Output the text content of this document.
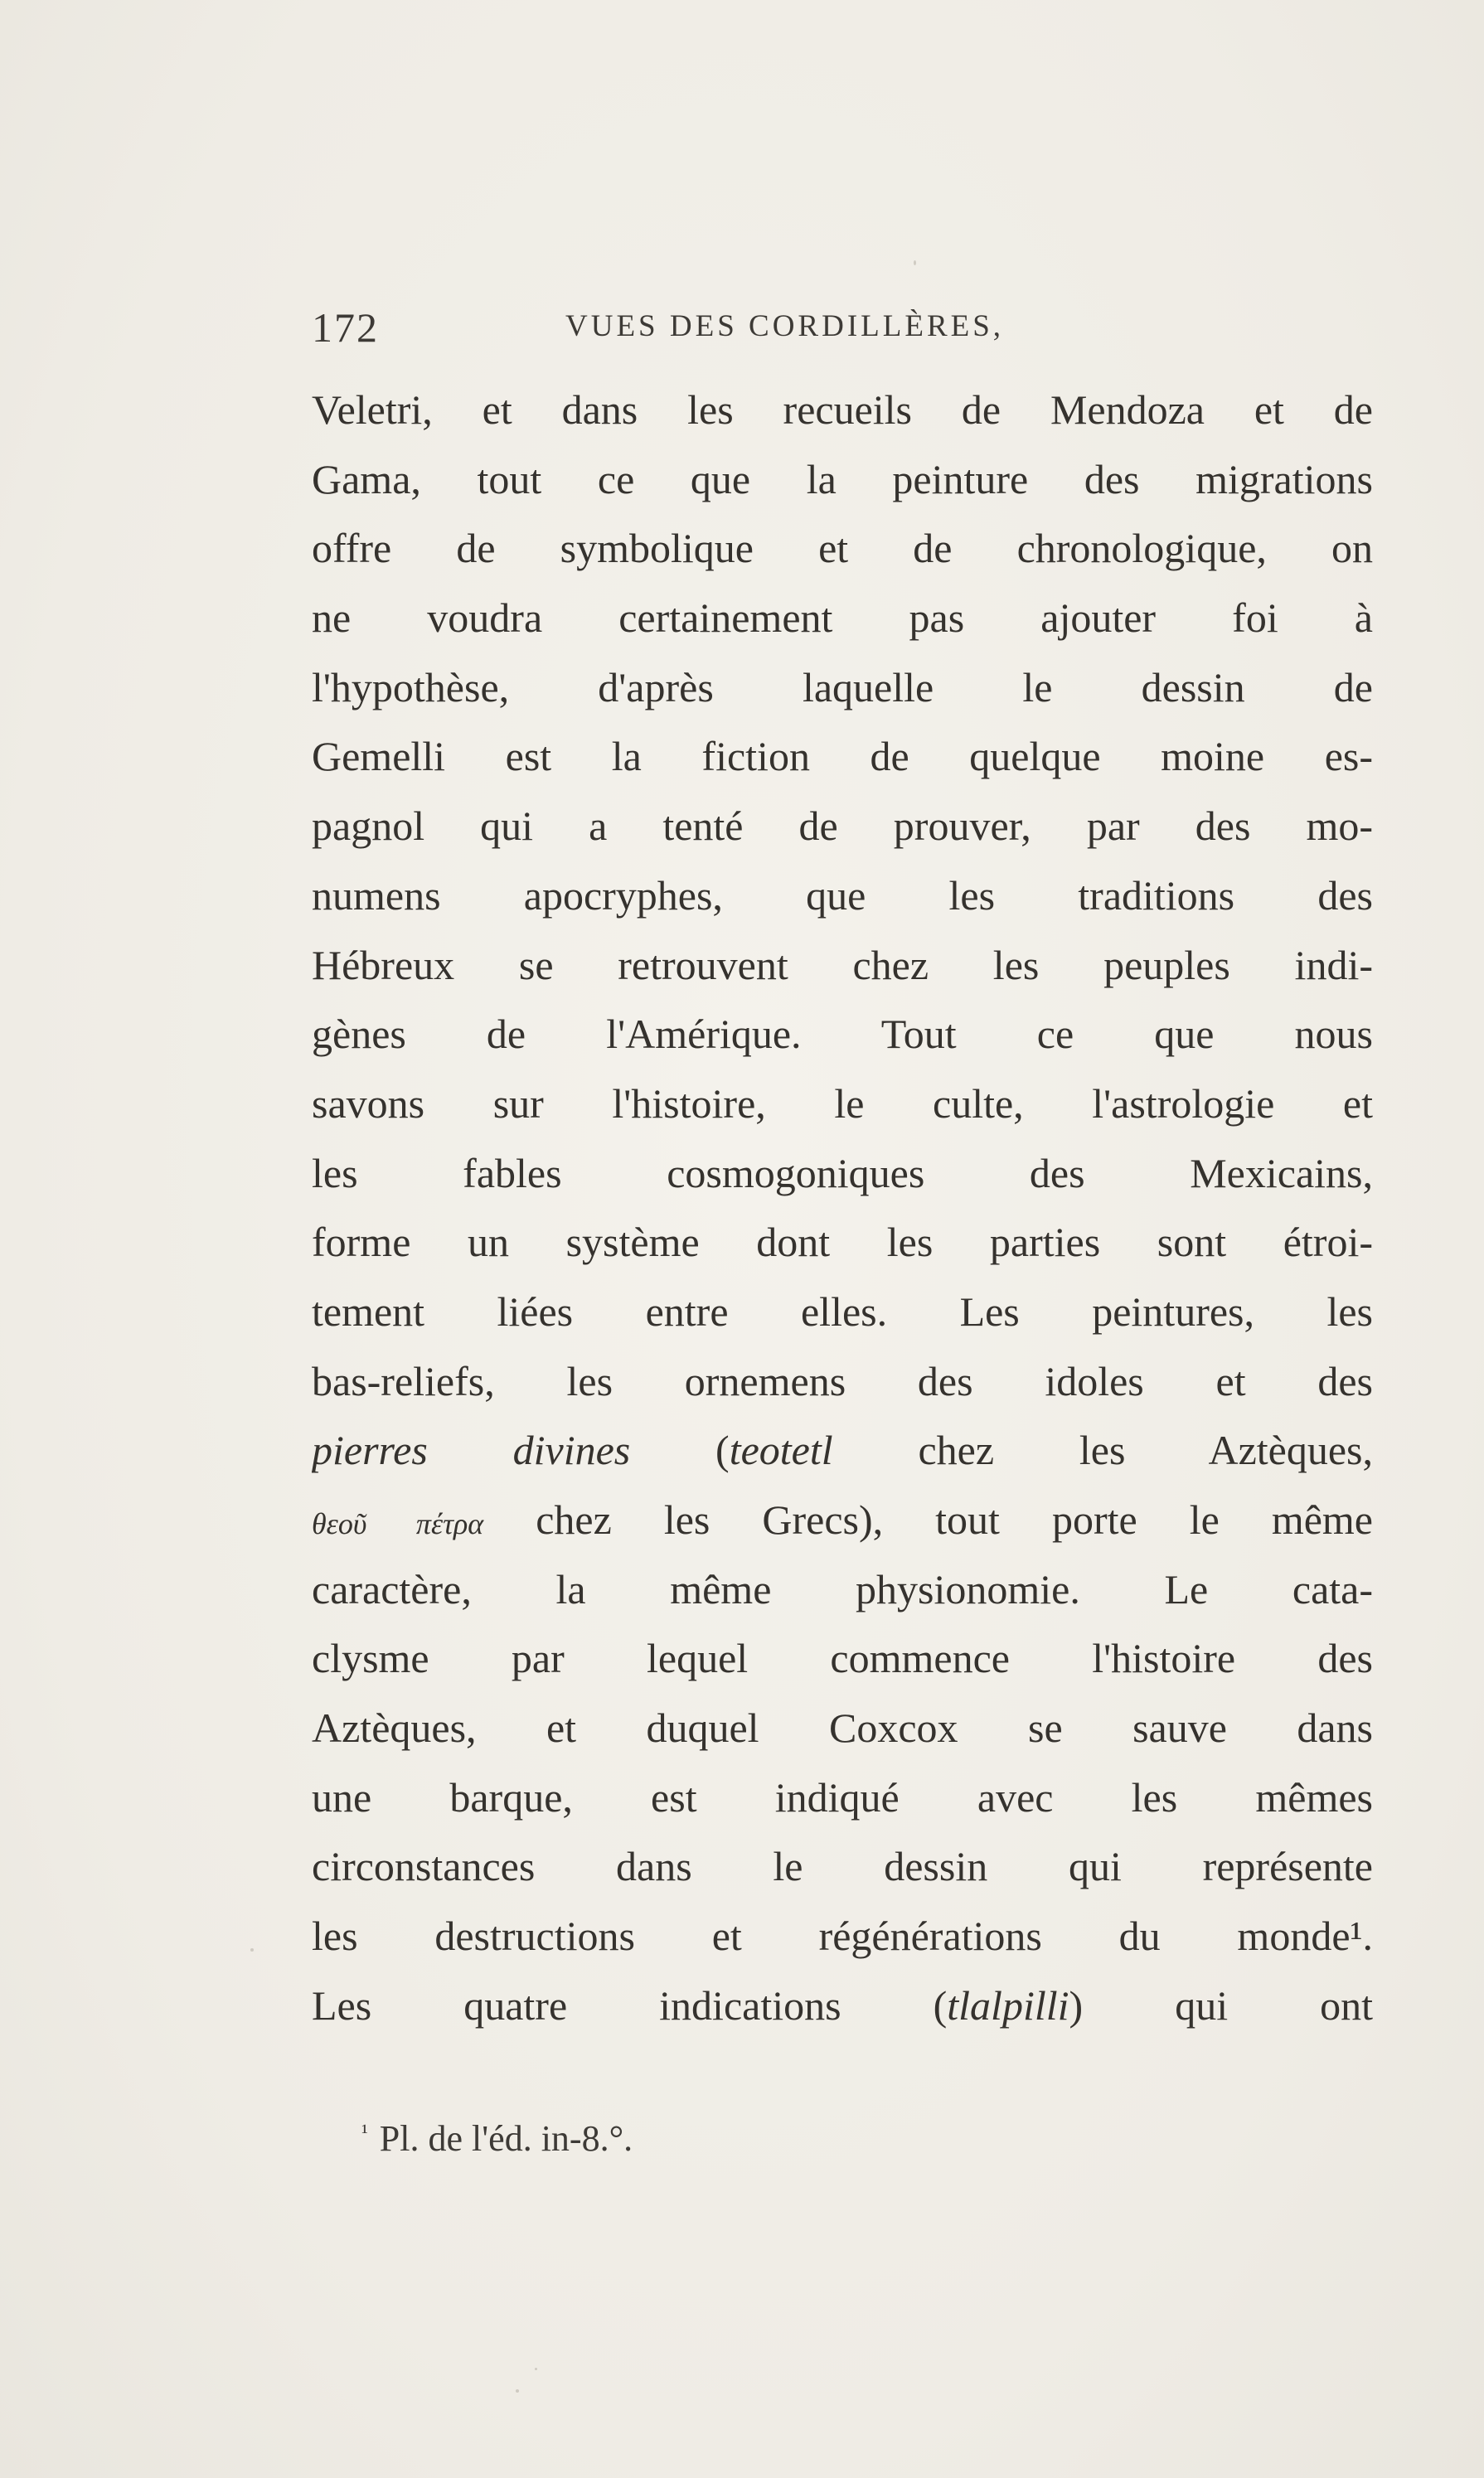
172	VUES DES CORDILLÈRES,
Veletri, et dans les recueils de Mendoza et de
Gama, tout ce que la peinture des migrations
offre de symbolique et de chronologique, on
ne voudra certainement pas ajouter foi à
l'hypothèse, d'après laquelle le dessin de
Gemelli est la fiction de quelque moine es-
pagnol qui a tenté de prouver, par des mo-
numens apocryphes, que les traditions des
Hébreux se retrouvent chez les peuples indi-
gènes de l'Amérique. Tout ce que nous
savons sur l'histoire, le culte, l'astrologie et
les fables cosmogoniques des Mexicains,
forme un système dont les parties sont étroi-
tement liées entre elles. Les peintures, les
bas-reliefs, les ornemens des idoles et des
pierres divines (teotetl chez les Aztèques,
θεοῦ πέτρα chez les Grecs), tout porte le même
caractère, la même physionomie. Le cata-
clysme par lequel commence l'histoire des
Aztèques, et duquel Coxcox se sauve dans
une barque, est indiqué avec les mêmes
circonstances dans le dessin qui représente
les destructions et régénérations du monde¹.
Les quatre indications (tlalpilli) qui ont
$^{^1}$ Pl. de l'éd. in-8.°.
